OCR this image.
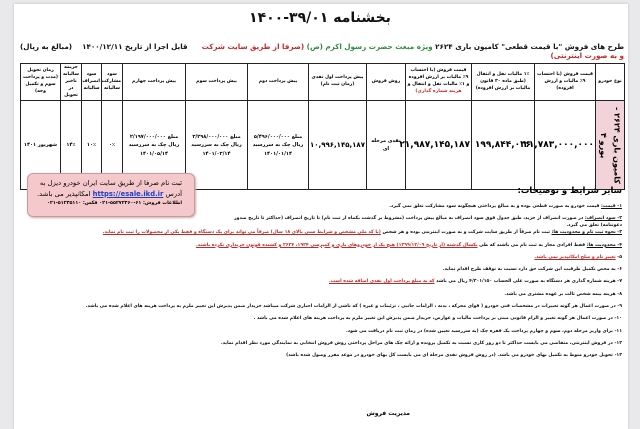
بخشنامه ۳۹/۰۱-۱۴۰۰
طرح های فروش "با قیمت قطعی" کامیون باری ۲۶۲۴ ویژه مبعث حضرت رسول اکرم (ص) (صرفا از طریق سایت شرکت و به صورت اینترنتی)
قابل اجرا از تاریخ ۱۴۰۰/۱۲/۱۱    (مبالغ به ریال)
نوع خودرو	قیمت فروش (با احتساب ۹٪ مالیات و ارزش افزوده)	۱٪ مالیات نقل و انتقال (طبق ماده ۳۰ قانون مالیات بر ارزش افزوده)	قیمت فروش (با احتساب ۹٪ مالیات بر ارزش افزوده و ۱٪ مالیات نقل و انتقال و هزینه شماره گذاری)	روش فروش	پیش پرداخت اول نقدی (زمان ثبت نام)	پیش پرداخت دوم	پیش پرداخت سوم	پیش پرداخت چهارم	سود مشارکت سالیانه	سود انصراف سالیانه	جریمه سالیانه تاخیر در تحویل	زمان تحویل (مدت و پرداخت سوم و تکمیل وجه)
کامیون باری ۲۶۲۴ - یورو ۴	۲۱,۷۸۳,۰۰۰,۰۰۰	۱۹۹,۸۴۴,۰۳۶	۲۱,۹۸۷,۱۴۵,۱۸۷	نقدی مرحله ای	۱۰,۹۹۶,۱۴۵,۱۸۷	مبلغ ۵/۴۹۶/۰۰۰/۰۰۰ ریال چک به سررسید ۱۴۰۱/۰۱/۱۴	مبلغ ۳/۲۹۸/۰۰۰/۰۰۰ ریال چک به سررسید ۱۴۰۱/۰۳/۱۴	مبلغ ۲/۱۹۷/۰۰۰/۰۰۰ ریال چک به سررسید ۱۴۰۱/۰۵/۱۴	۰٪	۱۰٪	۱۴٪	شهریور ۱۴۰۱
سایر شرایط و توضیحات:
۱- قیمت: قیمت خودرو به صورت قطعی بوده و به مبالغ پرداختی هیچگونه سود مشارکت تعلق نمی گیرد.
۲- سود انصراف: در صورت انصراف از خرید، طبق جدول فوق سود انصراف به مبالغ پیش پرداخت (مشروط بر گذشت یکماه از ثبت نام) تا تاریخ انصراف (حداکثر تا تاریخ صدور دعوتنامه) تعلق می گیرد.
۳- نحوه ثبت نام و محدودیت ها: ثبت نام صرفاً از طریق سایت شرکت و به صورت اینترنتی بوده و هر شخص (با کد ملی مشخص و شرایط سنی بالای ۱۸ سال) صرفاً می تواند برای یک دستگاه و فقط یکی از محصولات را ثبت نام نماید.
۴- محدودیت ها: فقط افرادی مجاز به ثبت نام می باشند که طی یکسال گذشته (از تاریخ ۱۳۹۹/۱۲/۰۹) هیچ یک از خودروهای باری و کمپرسی ۱۹۲۴، ۲۶۲۴ و کشنده فوتون خریداری نکرده باشند.
۵- تغییر نام و صلح امکانپذیر نمی باشد.
۶- به محض تکمیل ظرفیت این شرکت حق دارد نسبت به توقف طرح اقدام نماید.
۷- هزینه شماره گذاری هر دستگاه به صورت علی الحساب ۴/۳۰۱/۱۵۰ ریال می باشد که به مبلغ پرداخت اول نقدی اضافه شده است.
۸- هزینه بیمه شخص ثالث بر عهده مشتری می باشد.
۹- در صورت اعمال هر گونه تغییرات در مشخصات فنی خودرو ( قوای محرکه ، بدنه ، الزامات جانبی ، تزئینات و غیره ) که ناشی از الزامات اجباری شرکت میباشد خریدار ضمن پذیرش این تغییر ملزم به پرداخت هزینه های اعلام شده می باشد.
۱۰- در صورت اعمال هر گونه تغییر و الزام قانونی مبنی بر پرداخت مالیات و عوارض، خریدار ضمن پذیرش این تغییر ملزم به پرداخت هزینه های اعلام شده می باشد .
۱۱- برای واریز مرحله دوم، سوم و چهارم پرداخت یک فقره چک (به سررسید تعیین شده) در زمان ثبت نام دریافت می شود.
۱۲- در فروش اینترنتی، متقاضی می بایست حداکثر تا دو روز کاری نسبت به تکمیل پرونده و ارائه چک های مراحل پرداختی روش فروش انتخابی به نمایندگی مورد نظر اقدام نماید.
۱۳- تحویل خودرو منوط به تکمیل بهای خودرو می باشد. (در روش فروش نقدی مرحله ای می بایست کل بهای خودرو در موعد مقرر وصول شده باشد)
ثبت نام صرفا از طریق سایت ایران خودرو دیزل به
آدرس https://esale.ikd.ir امکانپذیر می باشد.
اطلاعات فروش: ۶۱-۵۵۲۷۲۴۶۰-۰۲۱ فکس: ۵۱۲۴۵۱۱۰-۰۲۱
مدیریت فروش
